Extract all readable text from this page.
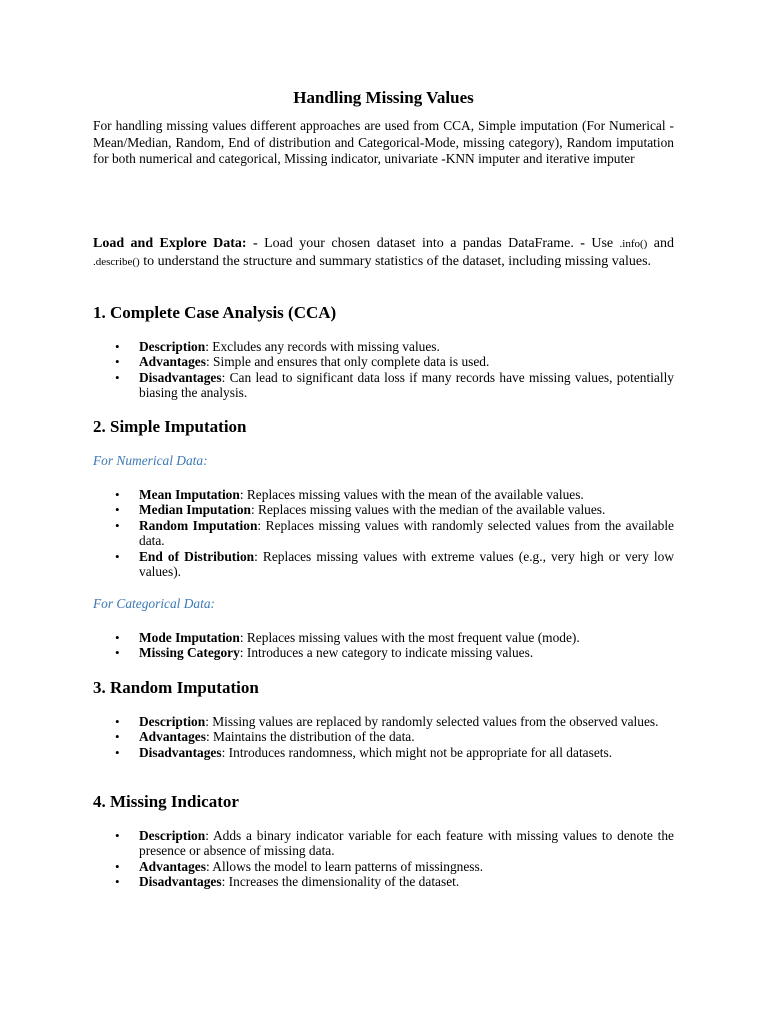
Handling Missing Values

For handling missing values different approaches are used from CCA, Simple imputation (For Numerical -Mean/Median, Random, End of distribution and Categorical-Mode, missing category), Random imputation for both numerical and categorical, Missing indicator, univariate -KNN imputer and iterative imputer

Load and Explore Data: - Load your chosen dataset into a pandas DataFrame. - Use .info() and .describe() to understand the structure and summary statistics of the dataset, including missing values.

1. Complete Case Analysis (CCA)
• Description: Excludes any records with missing values.
• Advantages: Simple and ensures that only complete data is used.
• Disadvantages: Can lead to significant data loss if many records have missing values, potentially biasing the analysis.
2. Simple Imputation

For Numerical Data:

• Mean Imputation: Replaces missing values with the mean of the available values.
• Median Imputation: Replaces missing values with the median of the available values.
• Random Imputation: Replaces missing values with randomly selected values from the available data.
• End of Distribution: Replaces missing values with extreme values (e.g., very high or very low values).

For Categorical Data:

• Mode Imputation: Replaces missing values with the most frequent value (mode).
• Missing Category: Introduces a new category to indicate missing values.
3. Random Imputation
• Description: Missing values are replaced by randomly selected values from the observed values.
• Advantages: Maintains the distribution of the data.
• Disadvantages: Introduces randomness, which might not be appropriate for all datasets.
4. Missing Indicator
• Description: Adds a binary indicator variable for each feature with missing values to denote the presence or absence of missing data.
• Advantages: Allows the model to learn patterns of missingness.
• Disadvantages: Increases the dimensionality of the dataset.
